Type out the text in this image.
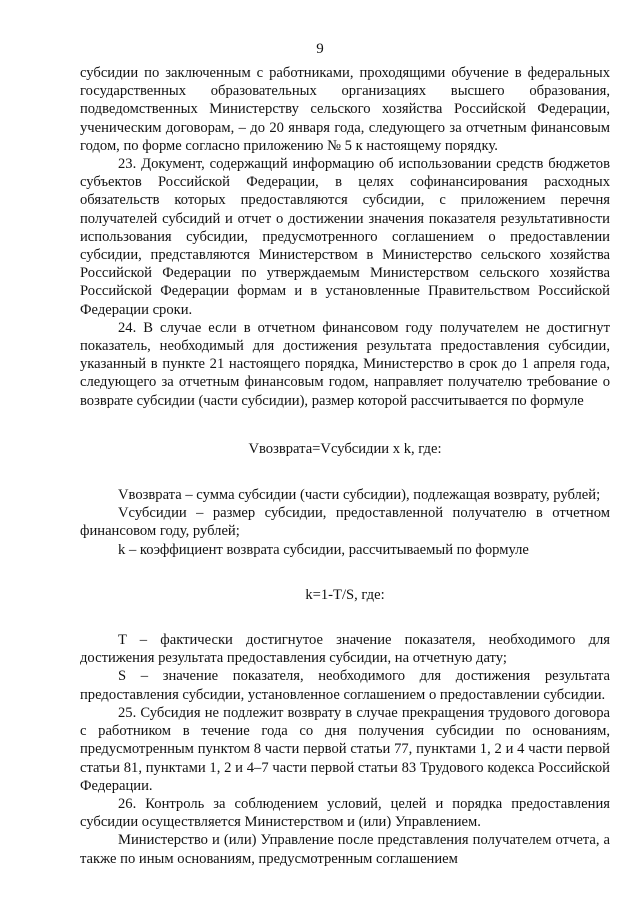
9

субсидии по заключенным с работниками, проходящими обучение в федеральных государственных образовательных организациях высшего образования, подведомственных Министерству сельского хозяйства Российской Федерации, ученическим договорам, – до 20 января года, следующего за отчетным финансовым годом, по форме согласно приложению № 5 к настоящему порядку.

23. Документ, содержащий информацию об использовании средств бюджетов субъектов Российской Федерации, в целях софинансирования расходных обязательств которых предоставляются субсидии, с приложением перечня получателей субсидий и отчет о достижении значения показателя результативности использования субсидии, предусмотренного соглашением о предоставлении субсидии, представляются Министерством в Министерство сельского хозяйства Российской Федерации по утверждаемым Министерством сельского хозяйства Российской Федерации формам и в установленные Правительством Российской Федерации сроки.

24. В случае если в отчетном финансовом году получателем не достигнут показатель, необходимый для достижения результата предоставления субсидии, указанный в пункте 21 настоящего порядка, Министерство в срок до 1 апреля года, следующего за отчетным финансовым годом, направляет получателю требование о возврате субсидии (части субсидии), размер которой рассчитывается по формуле

Vвозврата=Vсубсидии x k, где:

Vвозврата – сумма субсидии (части субсидии), подлежащая возврату, рублей;

Vсубсидии – размер субсидии, предоставленной получателю в отчетном финансовом году, рублей;

k – коэффициент возврата субсидии, рассчитываемый по формуле

k=1-T/S, где:

T – фактически достигнутое значение показателя, необходимого для достижения результата предоставления субсидии, на отчетную дату;

S – значение показателя, необходимого для достижения результата предоставления субсидии, установленное соглашением о предоставлении субсидии.

25. Субсидия не подлежит возврату в случае прекращения трудового договора с работником в течение года со дня получения субсидии по основаниям, предусмотренным пунктом 8 части первой статьи 77, пунктами 1, 2 и 4 части первой статьи 81, пунктами 1, 2 и 4–7 части первой статьи 83 Трудового кодекса Российской Федерации.

26. Контроль за соблюдением условий, целей и порядка предоставления субсидии осуществляется Министерством и (или) Управлением.

Министерство и (или) Управление после представления получателем отчета, а также по иным основаниям, предусмотренным соглашением
